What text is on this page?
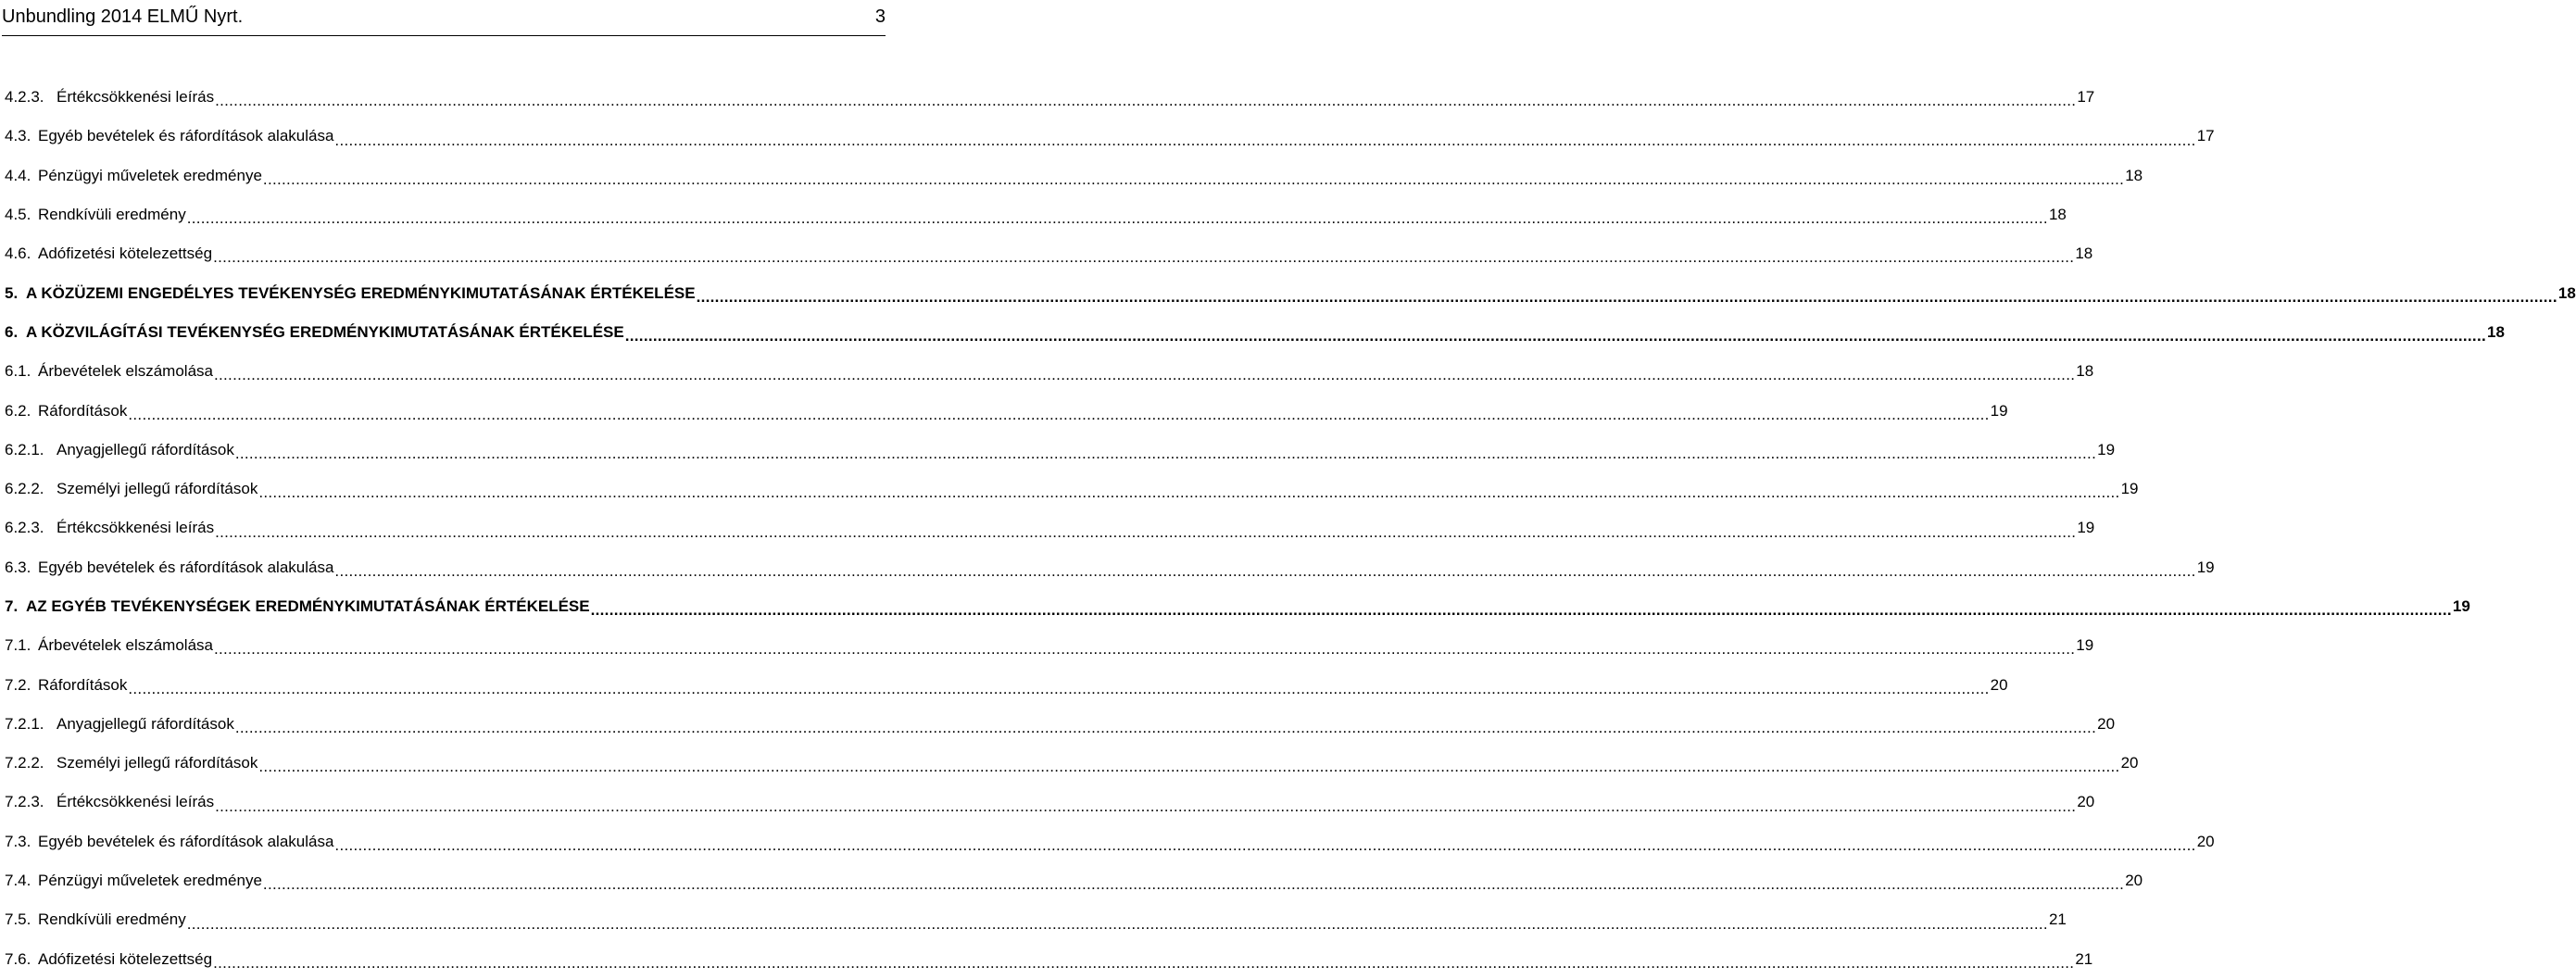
Unbundling 2014 ELMŰ Nyrt.	3
4.2.3. Értékcsökkenési leírás ................................................................................................................................................................................................................................................................................................................................................................................................................ 17
4.3. Egyéb bevételek és ráfordítások alakulása ................................................................................................................................................................................................................................................................................................................................................................................................................ 17
4.4. Pénzügyi műveletek eredménye ................................................................................................................................................................................................................................................................................................................................................................................................................ 18
4.5. Rendkívüli eredmény ................................................................................................................................................................................................................................................................................................................................................................................................................ 18
4.6. Adófizetési kötelezettség ................................................................................................................................................................................................................................................................................................................................................................................................................ 18
5. A KÖZÜZEMI ENGEDÉLYES TEVÉKENYSÉG EREDMÉNYKIMUTATÁSÁNAK ÉRTÉKELÉSE ................................................................................................................................................................................................................................................................................................................................................................................................................ 18
6. A KÖZVILÁGÍTÁSI TEVÉKENYSÉG EREDMÉNYKIMUTATÁSÁNAK ÉRTÉKELÉSE ................................................................................................................................................................................................................................................................................................................................................................................................................ 18
6.1. Árbevételek elszámolása ................................................................................................................................................................................................................................................................................................................................................................................................................ 18
6.2. Ráfordítások ................................................................................................................................................................................................................................................................................................................................................................................................................ 19
6.2.1. Anyagjellegű ráfordítások ................................................................................................................................................................................................................................................................................................................................................................................................................ 19
6.2.2. Személyi jellegű ráfordítások ................................................................................................................................................................................................................................................................................................................................................................................................................ 19
6.2.3. Értékcsökkenési leírás ................................................................................................................................................................................................................................................................................................................................................................................................................ 19
6.3. Egyéb bevételek és ráfordítások alakulása ................................................................................................................................................................................................................................................................................................................................................................................................................ 19
7. AZ EGYÉB TEVÉKENYSÉGEK EREDMÉNYKIMUTATÁSÁNAK ÉRTÉKELÉSE ................................................................................................................................................................................................................................................................................................................................................................................................................ 19
7.1. Árbevételek elszámolása ................................................................................................................................................................................................................................................................................................................................................................................................................ 19
7.2. Ráfordítások ................................................................................................................................................................................................................................................................................................................................................................................................................ 20
7.2.1. Anyagjellegű ráfordítások ................................................................................................................................................................................................................................................................................................................................................................................................................ 20
7.2.2. Személyi jellegű ráfordítások ................................................................................................................................................................................................................................................................................................................................................................................................................ 20
7.2.3. Értékcsökkenési leírás ................................................................................................................................................................................................................................................................................................................................................................................................................ 20
7.3. Egyéb bevételek és ráfordítások alakulása ................................................................................................................................................................................................................................................................................................................................................................................................................ 20
7.4. Pénzügyi műveletek eredménye ................................................................................................................................................................................................................................................................................................................................................................................................................ 20
7.5. Rendkívüli eredmény ................................................................................................................................................................................................................................................................................................................................................................................................................ 21
7.6. Adófizetési kötelezettség ................................................................................................................................................................................................................................................................................................................................................................................................................ 21
